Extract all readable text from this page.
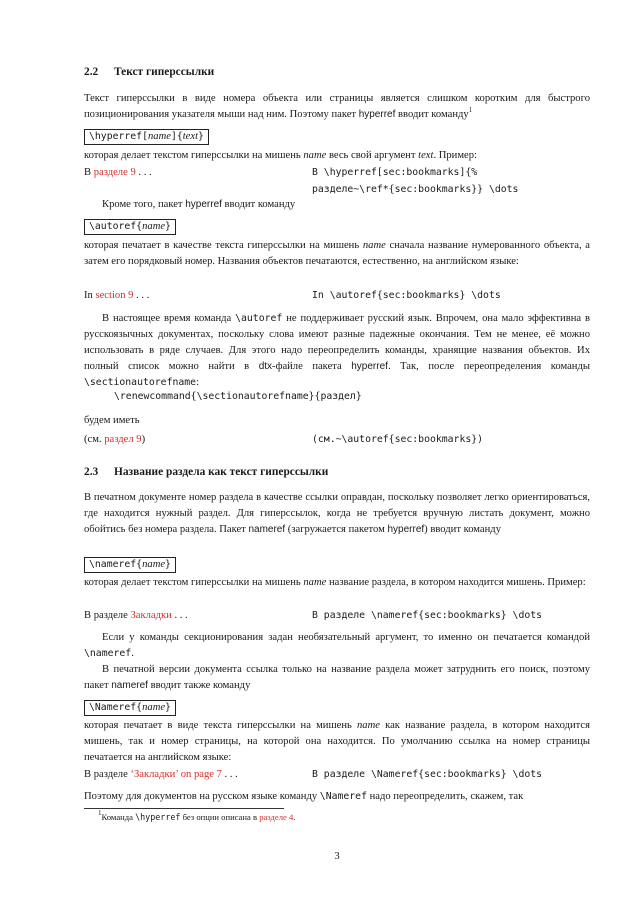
2.2 Текст гиперссылки

Текст гиперссылки в виде номера объекта или страницы является слишком коротким для быстрого позиционирования указателя мыши над ним. Поэтому пакет hyperref вводит команду$^1$

\hyperref[name]{text}

которая делает текстом гиперссылки на мишень name весь свой аргумент text. Пример:

В разделе 9 . . .	B \hyperref[sec:bookmarks]{%
разделе~\ref*{sec:bookmarks}} \dots

Кроме того, пакет hyperref вводит команду

\autoref{name}

которая печатает в качестве текста гиперссылки на мишень name сначала название нумерованного объекта, а затем его порядковый номер. Названия объектов печатаются, естественно, на английском языке:

In section 9 . . .	In \autoref{sec:bookmarks} \dots

В настоящее время команда \autoref не поддерживает русский язык. Впрочем, она мало эффективна в русскоязычных документах, поскольку слова имеют разные падежные окончания. Тем не менее, её можно использовать в ряде случаев. Для этого надо переопределить команды, хранящие названия объектов. Их полный список можно найти в dtx-файле пакета hyperref. Так, после переопределения команды \sectionautorefname:

\renewcommand{\sectionautorefname}{раздел}

будем иметь

(см. раздел 9)	(см.~\autoref{sec:bookmarks})
2.3 Название раздела как текст гиперссылки

В печатном документе номер раздела в качестве ссылки оправдан, поскольку позволяет легко ориентироваться, где находится нужный раздел. Для гиперссылок, когда не требуется вручную листать документ, можно обойтись без номера раздела. Пакет nameref (загружается пакетом hyperref) вводит команду

\nameref{name}

которая делает текстом гиперссылки на мишень name название раздела, в котором находится мишень. Пример:

В разделе Закладки . . .	B разделе \nameref{sec:bookmarks} \dots

Если у команды секционирования задан необязательный аргумент, то именно он печатается командой \nameref.

В печатной версии документа ссылка только на название раздела может затруднить его поиск, поэтому пакет nameref вводит также команду

\Nameref{name}

которая печатает в виде текста гиперссылки на мишень name как название раздела, в котором находится мишень, так и номер страницы, на которой она находится. По умолчанию ссылка на номер страницы печатается на английском языке:

В разделе ‘Закладки’ on page 7 . . .	B разделе \Nameref{sec:bookmarks} \dots

Поэтому для документов на русском языке команду \Nameref надо переопределить, скажем, так

$^1$Команда \hyperref без опции описана в разделе 4.
3
